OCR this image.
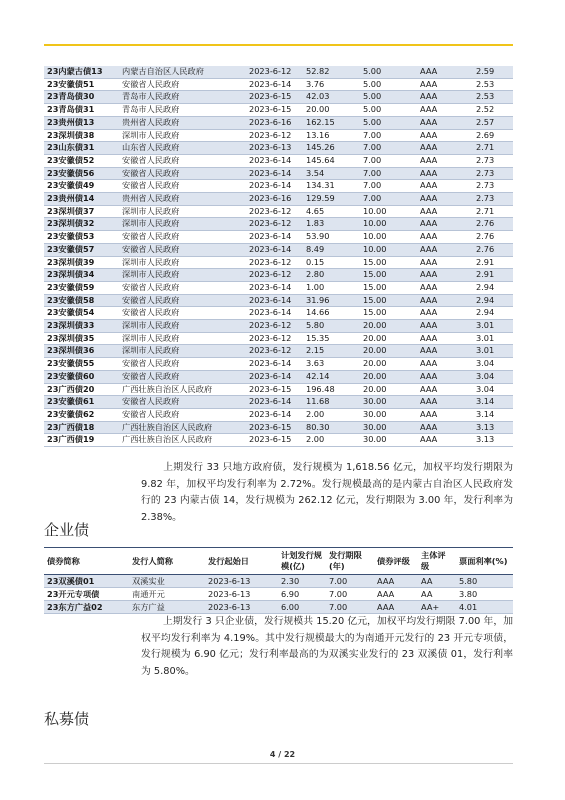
23内蒙古债13	内蒙古自治区人民政府	2023-6-12	52.82	5.00	AAA	2.59
23安徽债51	安徽省人民政府	2023-6-14	3.76	5.00	AAA	2.53
23青岛债30	青岛市人民政府	2023-6-15	42.03	5.00	AAA	2.53
23青岛债31	青岛市人民政府	2023-6-15	20.00	5.00	AAA	2.52
23贵州债13	贵州省人民政府	2023-6-16	162.15	5.00	AAA	2.57
23深圳债38	深圳市人民政府	2023-6-12	13.16	7.00	AAA	2.69
23山东债31	山东省人民政府	2023-6-13	145.26	7.00	AAA	2.71
23安徽债52	安徽省人民政府	2023-6-14	145.64	7.00	AAA	2.73
23安徽债56	安徽省人民政府	2023-6-14	3.54	7.00	AAA	2.73
23安徽债49	安徽省人民政府	2023-6-14	134.31	7.00	AAA	2.73
23贵州债14	贵州省人民政府	2023-6-16	129.59	7.00	AAA	2.73
23深圳债37	深圳市人民政府	2023-6-12	4.65	10.00	AAA	2.71
23深圳债32	深圳市人民政府	2023-6-12	1.83	10.00	AAA	2.76
23安徽债53	安徽省人民政府	2023-6-14	53.90	10.00	AAA	2.76
23安徽债57	安徽省人民政府	2023-6-14	8.49	10.00	AAA	2.76
23深圳债39	深圳市人民政府	2023-6-12	0.15	15.00	AAA	2.91
23深圳债34	深圳市人民政府	2023-6-12	2.80	15.00	AAA	2.91
23安徽债59	安徽省人民政府	2023-6-14	1.00	15.00	AAA	2.94
23安徽债58	安徽省人民政府	2023-6-14	31.96	15.00	AAA	2.94
23安徽债54	安徽省人民政府	2023-6-14	14.66	15.00	AAA	2.94
23深圳债33	深圳市人民政府	2023-6-12	5.80	20.00	AAA	3.01
23深圳债35	深圳市人民政府	2023-6-12	15.35	20.00	AAA	3.01
23深圳债36	深圳市人民政府	2023-6-12	2.15	20.00	AAA	3.01
23安徽债55	安徽省人民政府	2023-6-14	3.63	20.00	AAA	3.04
23安徽债60	安徽省人民政府	2023-6-14	42.14	20.00	AAA	3.04
23广西债20	广西壮族自治区人民政府	2023-6-15	196.48	20.00	AAA	3.04
23安徽债61	安徽省人民政府	2023-6-14	11.68	30.00	AAA	3.14
23安徽债62	安徽省人民政府	2023-6-14	2.00	30.00	AAA	3.14
23广西债18	广西壮族自治区人民政府	2023-6-15	80.30	30.00	AAA	3.13
23广西债19	广西壮族自治区人民政府	2023-6-15	2.00	30.00	AAA	3.13
上期发行 33 只地方政府债，发行规模为 1,618.56 亿元，加权平均发行期限为 9.82 年，加权平均发行利率为 2.72%。发行规模最高的是内蒙古自治区人民政府发行的 23 内蒙古债 14，发行规模为 262.12 亿元，发行期限为 3.00 年，发行利率为 2.38%。
企业债
债券简称	发行人简称	发行起始日	计划发行规模(亿)	发行期限(年)	债券评级	主体评级	票面利率(%)
23双溪债01	双溪实业	2023-6-13	2.30	7.00	AAA	AA	5.80
23开元专项债	南通开元	2023-6-13	6.90	7.00	AAA	AA	3.80
23东方广益02	东方广益	2023-6-13	6.00	7.00	AAA	AA+	4.01
上期发行 3 只企业债，发行规模共 15.20 亿元，加权平均发行期限 7.00 年，加权平均发行利率为 4.19%。其中发行规模最大的为南通开元发行的 23 开元专项债，发行规模为 6.90 亿元；发行利率最高的为双溪实业发行的 23 双溪债 01，发行利率为 5.80%。
私募债
4 / 22
